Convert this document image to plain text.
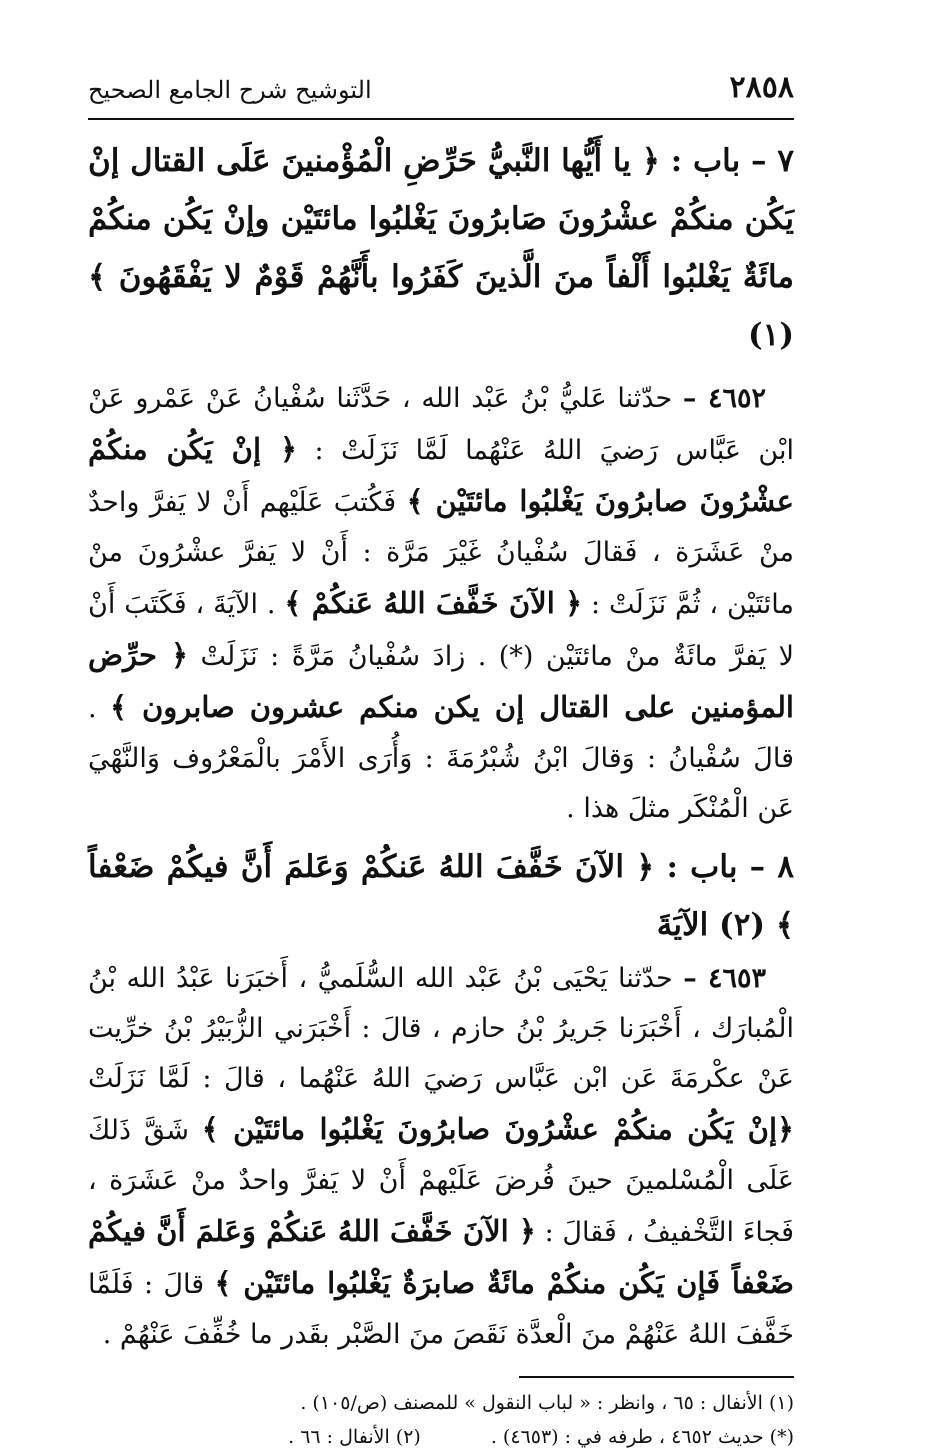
٢٨٥٨
التوشيح شرح الجامع الصحيح

٧ – باب : ﴿ يا أَيُّها النَّبيُّ حَرِّضِ الْمُؤْمنينَ عَلَى القتال إنْ يَكُن منكُمْ عشْرُونَ صَابرُونَ يَغْلبُوا مائتَيْن وإنْ يَكُن منكُمْ مائَةٌ يَغْلبُوا أَلْفاً منَ الَّذينَ كَفَرُوا بأَنَّهُمْ قَوْمٌ لا يَفْقَهُونَ ﴾ (١)

٤٦٥٢ – حدّثنا عَليُّ بْنُ عَبْد الله ، حَدَّثَنا سُفْيانُ عَنْ عَمْرو عَنْ ابْن عَبَّاس رَضيَ اللهُ عَنْهُما لَمَّا نَزَلَتْ : ﴿ إنْ يَكُن منكُمْ عشْرُونَ صابرُونَ يَغْلبُوا مائتَيْن ﴾ فَكُتبَ عَلَيْهم أَنْ لا يَفرَّ واحدٌ منْ عَشَرَة ، فَقالَ سُفْيانُ غَيْرَ مَرَّة : أَنْ لا يَفرَّ عشْرُونَ منْ مائتَيْن ، ثُمَّ نَزَلَتْ : ﴿ الآنَ خَفَّفَ اللهُ عَنكُمْ ﴾ . الآيَةَ ، فَكَتَبَ أَنْ لا يَفرَّ مائَةٌ منْ مائتَيْن (*) . زادَ سُفْيانُ مَرَّةً : نَزَلَتْ ﴿ حرِّض المؤمنين على القتال إن يكن منكم عشرون صابرون ﴾ . قالَ سُفْيانُ : وَقالَ ابْنُ شُبْرُمَةَ : وَأُرَى الأَمْرَ بالْمَعْرُوف وَالنَّهْيَ عَن الْمُنْكَر مثلَ هذا .

٨ – باب : ﴿ الآنَ خَفَّفَ اللهُ عَنكُمْ وَعَلمَ أَنَّ فيكُمْ ضَعْفاً ﴾ (٢) الآيَةَ

٤٦٥٣ – حدّثنا يَحْيَى بْنُ عَبْد الله السُّلَميُّ ، أَخبَرَنا عَبْدُ الله بْنُ الْمُبارَك ، أَخْبَرَنا جَريرُ بْنُ حازم ، قالَ : أَخْبَرَني الزُّبَيْرُ بْنُ خرِّيت عَنْ عكْرمَةَ عَن ابْن عَبَّاس رَضيَ اللهُ عَنْهُما ، قالَ : لَمَّا نَزَلَتْ ﴿إنْ يَكُن منكُمْ عشْرُونَ صابرُونَ يَغْلبُوا مائتَيْن ﴾ شَقَّ ذَلكَ عَلَى الْمُسْلمينَ حينَ فُرضَ عَلَيْهمْ أَنْ لا يَفرَّ واحدٌ منْ عَشَرَة ، فَجاءَ التَّخْفيفُ ، فَقالَ : ﴿ الآنَ خَفَّفَ اللهُ عَنكُمْ وَعَلمَ أَنَّ فيكُمْ ضَعْفاً فَإن يَكُن منكُمْ مائَةٌ صابرَةٌ يَغْلبُوا مائتَيْن ﴾ قالَ : فَلَمَّا خَفَّفَ اللهُ عَنْهُمْ منَ الْعدَّة نَقَصَ منَ الصَّبْر بقَدر ما خُفِّفَ عَنْهُمْ .

(١) الأنفال : ٦٥ ، وانظر : « لباب النقول » للمصنف (ص/١٠٥) .

(*) حديث ٤٦٥٢ ، طرفه في : (٤٦٥٣) .
(٢) الأنفال : ٦٦ .
